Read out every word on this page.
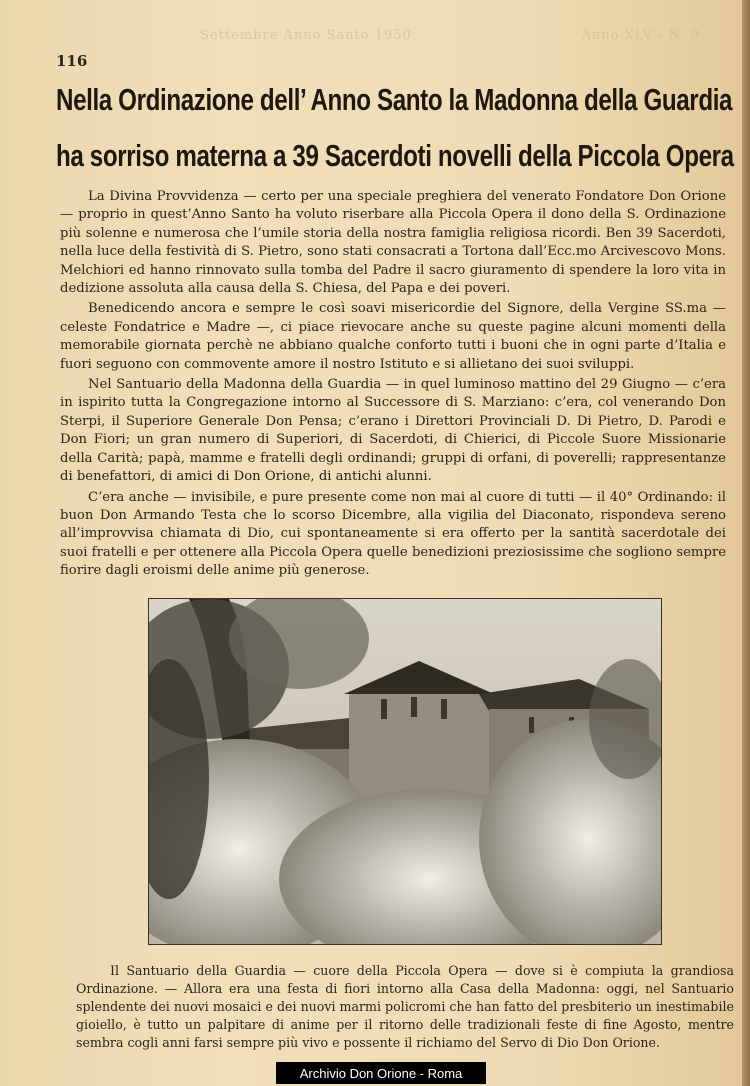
Settembre Anno Santo 1950	Anno XLV - N. 9
116
Nella Ordinazione dell’ Anno Santo la Madonna della Guardia
ha sorriso materna a 39 Sacerdoti novelli della Piccola Opera

La Divina Provvidenza — certo per una speciale preghiera del venerato Fondatore Don Orione — proprio in quest’Anno Santo ha voluto riserbare alla Piccola Opera il dono della S. Ordinazione più solenne e numerosa che l’umile storia della nostra famiglia religiosa ricordi. Ben 39 Sacerdoti, nella luce della festività di S. Pietro, sono stati consacrati a Tortona dall’Ecc.mo Arcivescovo Mons. Melchiori ed hanno rinnovato sulla tomba del Padre il sacro giuramento di spendere la loro vita in dedizione assoluta alla causa della S. Chiesa, del Papa e dei poveri.

Benedicendo ancora e sempre le così soavi misericordie del Signore, della Vergine SS.ma — celeste Fondatrice e Madre —, ci piace rievocare anche su queste pagine alcuni momenti della memorabile giornata perchè ne abbiano qualche conforto tutti i buoni che in ogni parte d’Italia e fuori seguono con commovente amore il nostro Istituto e si allietano dei suoi sviluppi.

Nel Santuario della Madonna della Guardia — in quel luminoso mattino del 29 Giugno — c’era in ispirito tutta la Congregazione intorno al Successore di S. Marziano: c’era, col venerando Don Sterpi, il Superiore Generale Don Pensa; c’erano i Direttori Provinciali D. Di Pietro, D. Parodi e Don Fiori; un gran numero di Superiori, di Sacerdoti, di Chierici, di Piccole Suore Missionarie della Carità; papà, mamme e fratelli degli ordinandi; gruppi di orfani, di poverelli; rappresentanze di benefattori, di amici di Don Orione, di antichi alunni.

C’era anche — invisibile, e pure presente come non mai al cuore di tutti — il 40° Ordinando: il buon Don Armando Testa che lo scorso Dicembre, alla vigilia del Diaconato, rispondeva sereno all’improvvisa chiamata di Dio, cui spontaneamente si era offerto per la santità sacerdotale dei suoi fratelli e per ottenere alla Piccola Opera quelle benedizioni preziosissime che sogliono sempre fiorire dagli eroismi delle anime più generose.

Il Santuario della Guardia — cuore della Piccola Opera — dove si è compiuta la grandiosa Ordinazione. — Allora era una festa di fiori intorno alla Casa della Madonna: oggi, nel Santuario splendente dei nuovi mosaici e dei nuovi marmi policromi che han fatto del presbiterio un inestimabile gioiello, è tutto un palpitare di anime per il ritorno delle tradizionali feste di fine Agosto, mentre sembra cogli anni farsi sempre più vivo e possente il richiamo del Servo di Dio Don Orione.
Archivio Don Orione - Roma
